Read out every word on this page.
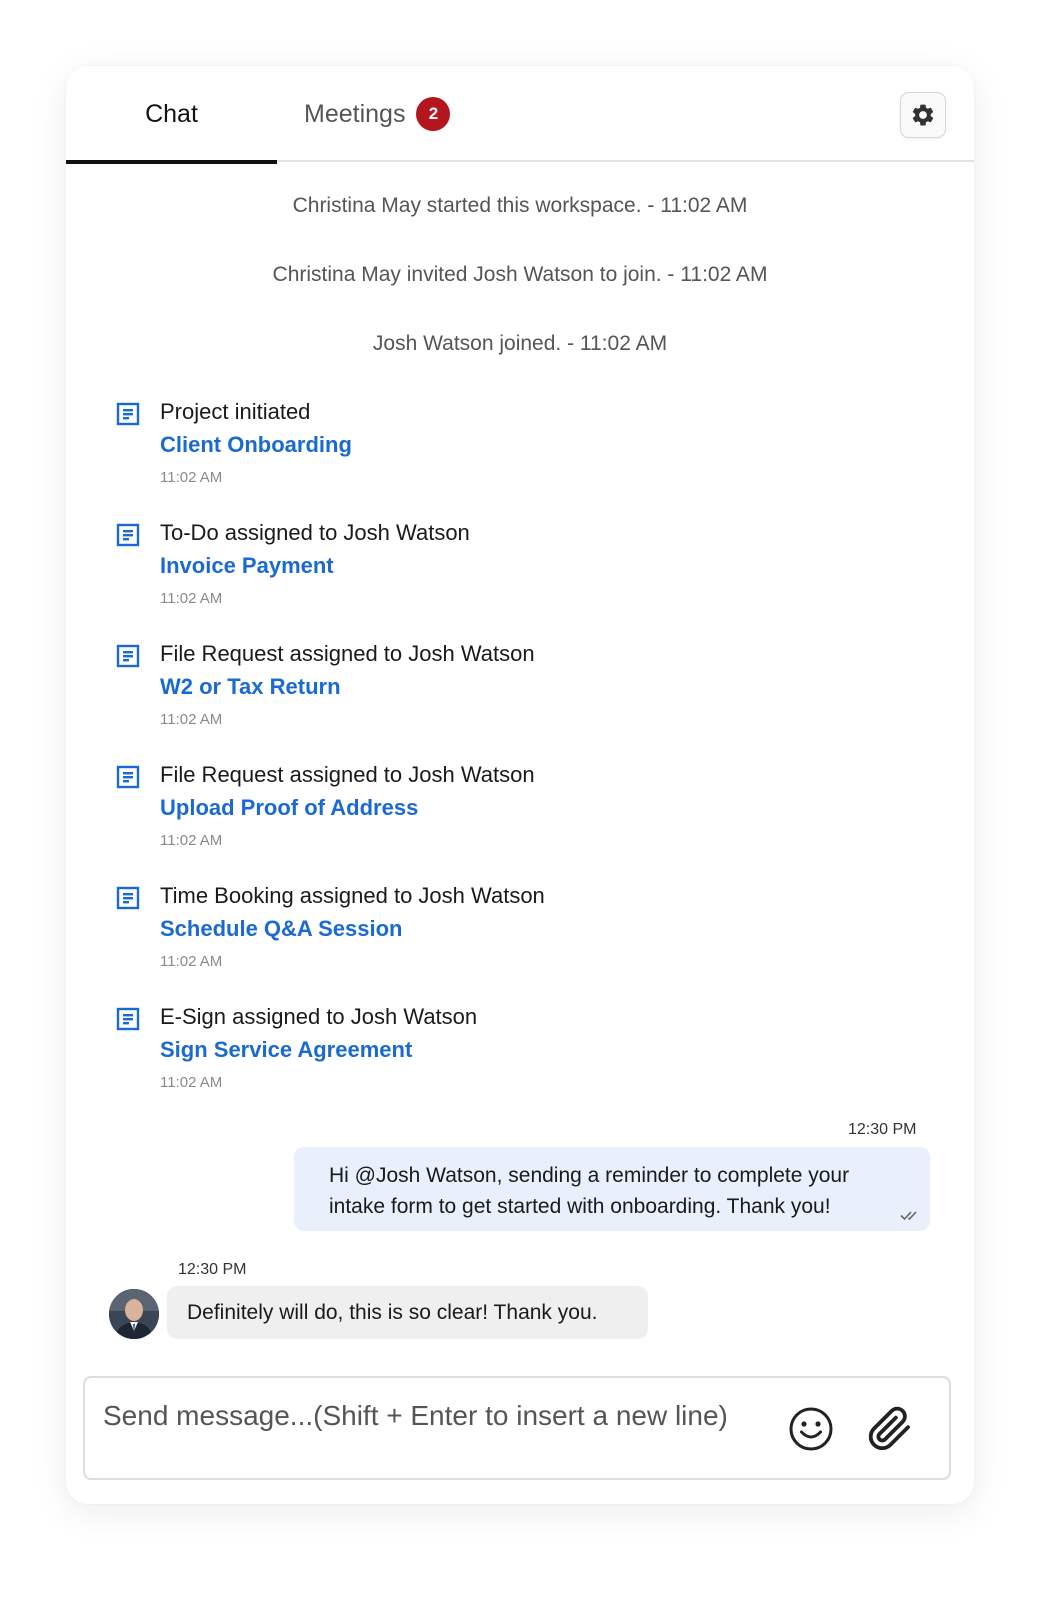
Chat	Meetings	2
Christina May started this workspace. - 11:02 AM
Christina May invited Josh Watson to join. - 11:02 AM
Josh Watson joined. - 11:02 AM
Project initiated
Client Onboarding
11:02 AM
To-Do assigned to Josh Watson
Invoice Payment
11:02 AM
File Request assigned to Josh Watson
W2 or Tax Return
11:02 AM
File Request assigned to Josh Watson
Upload Proof of Address
11:02 AM
Time Booking assigned to Josh Watson
Schedule Q&A Session
11:02 AM
E-Sign assigned to Josh Watson
Sign Service Agreement
11:02 AM
12:30 PM
Hi @Josh Watson, sending a reminder to complete your
intake form to get started with onboarding. Thank you!
12:30 PM
Definitely will do, this is so clear! Thank you.
Send message...(Shift + Enter to insert a new line)
